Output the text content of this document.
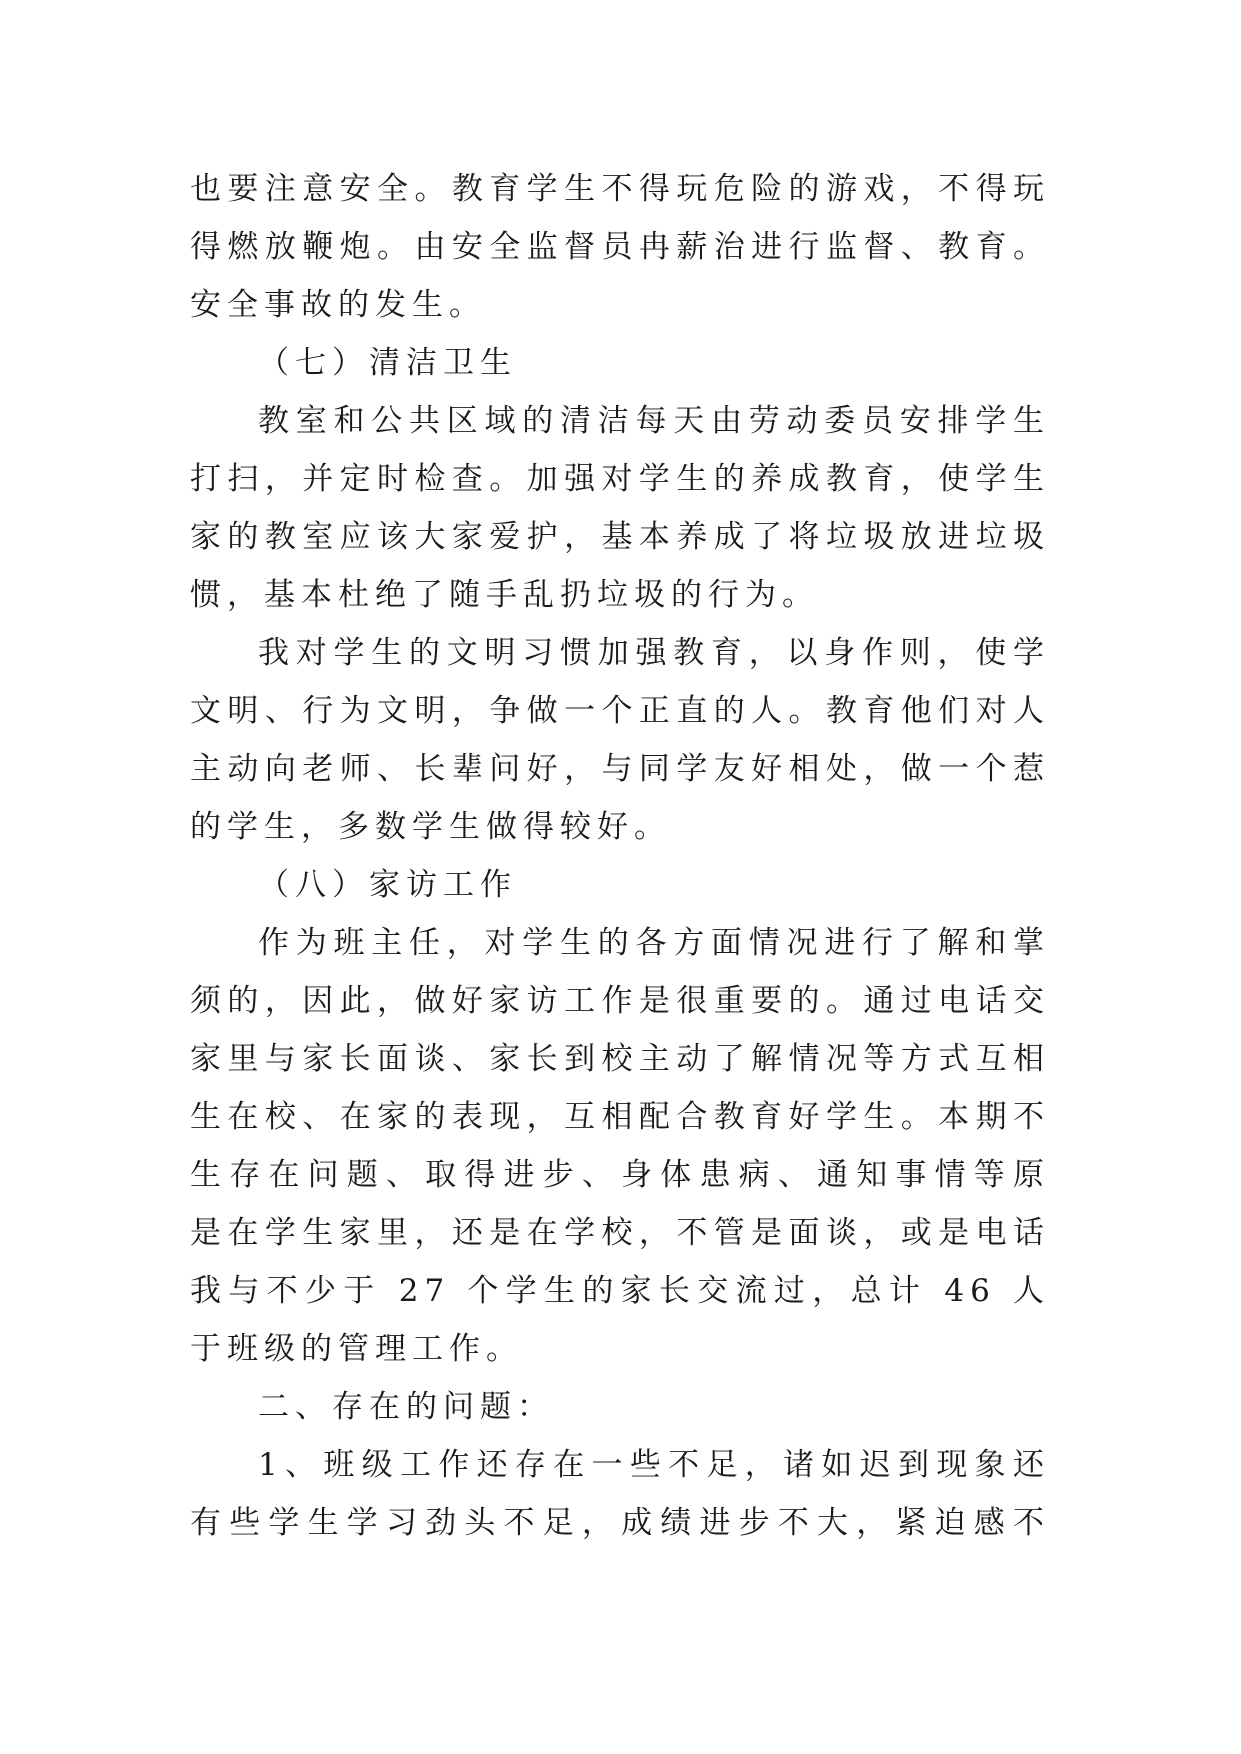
也要注意安全。教育学生不得玩危险的游戏，不得玩
得燃放鞭炮。由安全监督员冉薪治进行监督、教育。
安全事故的发生。
（七）清洁卫生
教室和公共区域的清洁每天由劳动委员安排学生
打扫，并定时检查。加强对学生的养成教育，使学生
家的教室应该大家爱护，基本养成了将垃圾放进垃圾
惯，基本杜绝了随手乱扔垃圾的行为。
我对学生的文明习惯加强教育，以身作则，使学
文明、行为文明，争做一个正直的人。教育他们对人
主动向老师、长辈问好，与同学友好相处，做一个惹
的学生，多数学生做得较好。
（八）家访工作
作为班主任，对学生的各方面情况进行了解和掌
须的，因此，做好家访工作是很重要的。通过电话交
家里与家长面谈、家长到校主动了解情况等方式互相
生在校、在家的表现，互相配合教育好学生。本期不
生存在问题、取得进步、身体患病、通知事情等原
是在学生家里，还是在学校，不管是面谈，或是电话
我与不少于 27 个学生的家长交流过，总计 46 人
于班级的管理工作。
二、存在的问题：
1、班级工作还存在一些不足，诸如迟到现象还
有些学生学习劲头不足，成绩进步不大，紧迫感不
